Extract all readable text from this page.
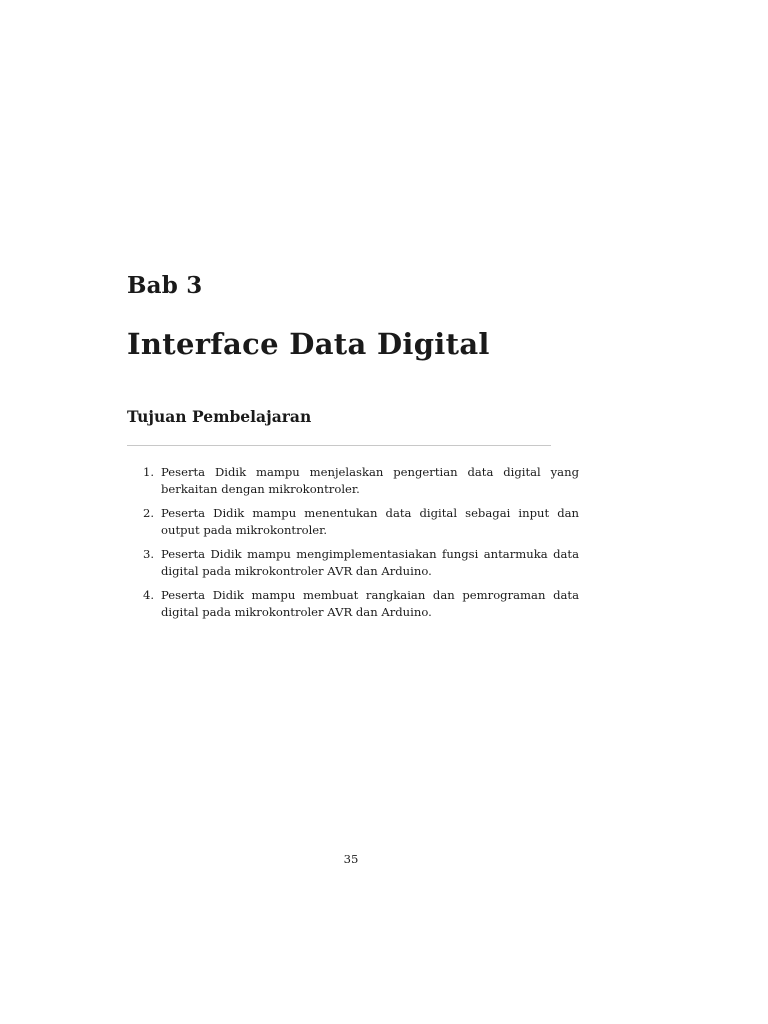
Bab 3
Interface Data Digital
Tujuan Pembelajaran
1. Peserta Didik mampu menjelaskan pengertian data digital yang berkaitan dengan mikrokontroler.
2. Peserta Didik mampu menentukan data digital sebagai input dan output pada mikrokontroler.
3. Peserta Didik mampu mengimplementasiakan fungsi antarmuka data digital pada mikrokontroler AVR dan Arduino.
4. Peserta Didik mampu membuat rangkaian dan pemrograman data digital pada mikrokontroler AVR dan Arduino.
35
